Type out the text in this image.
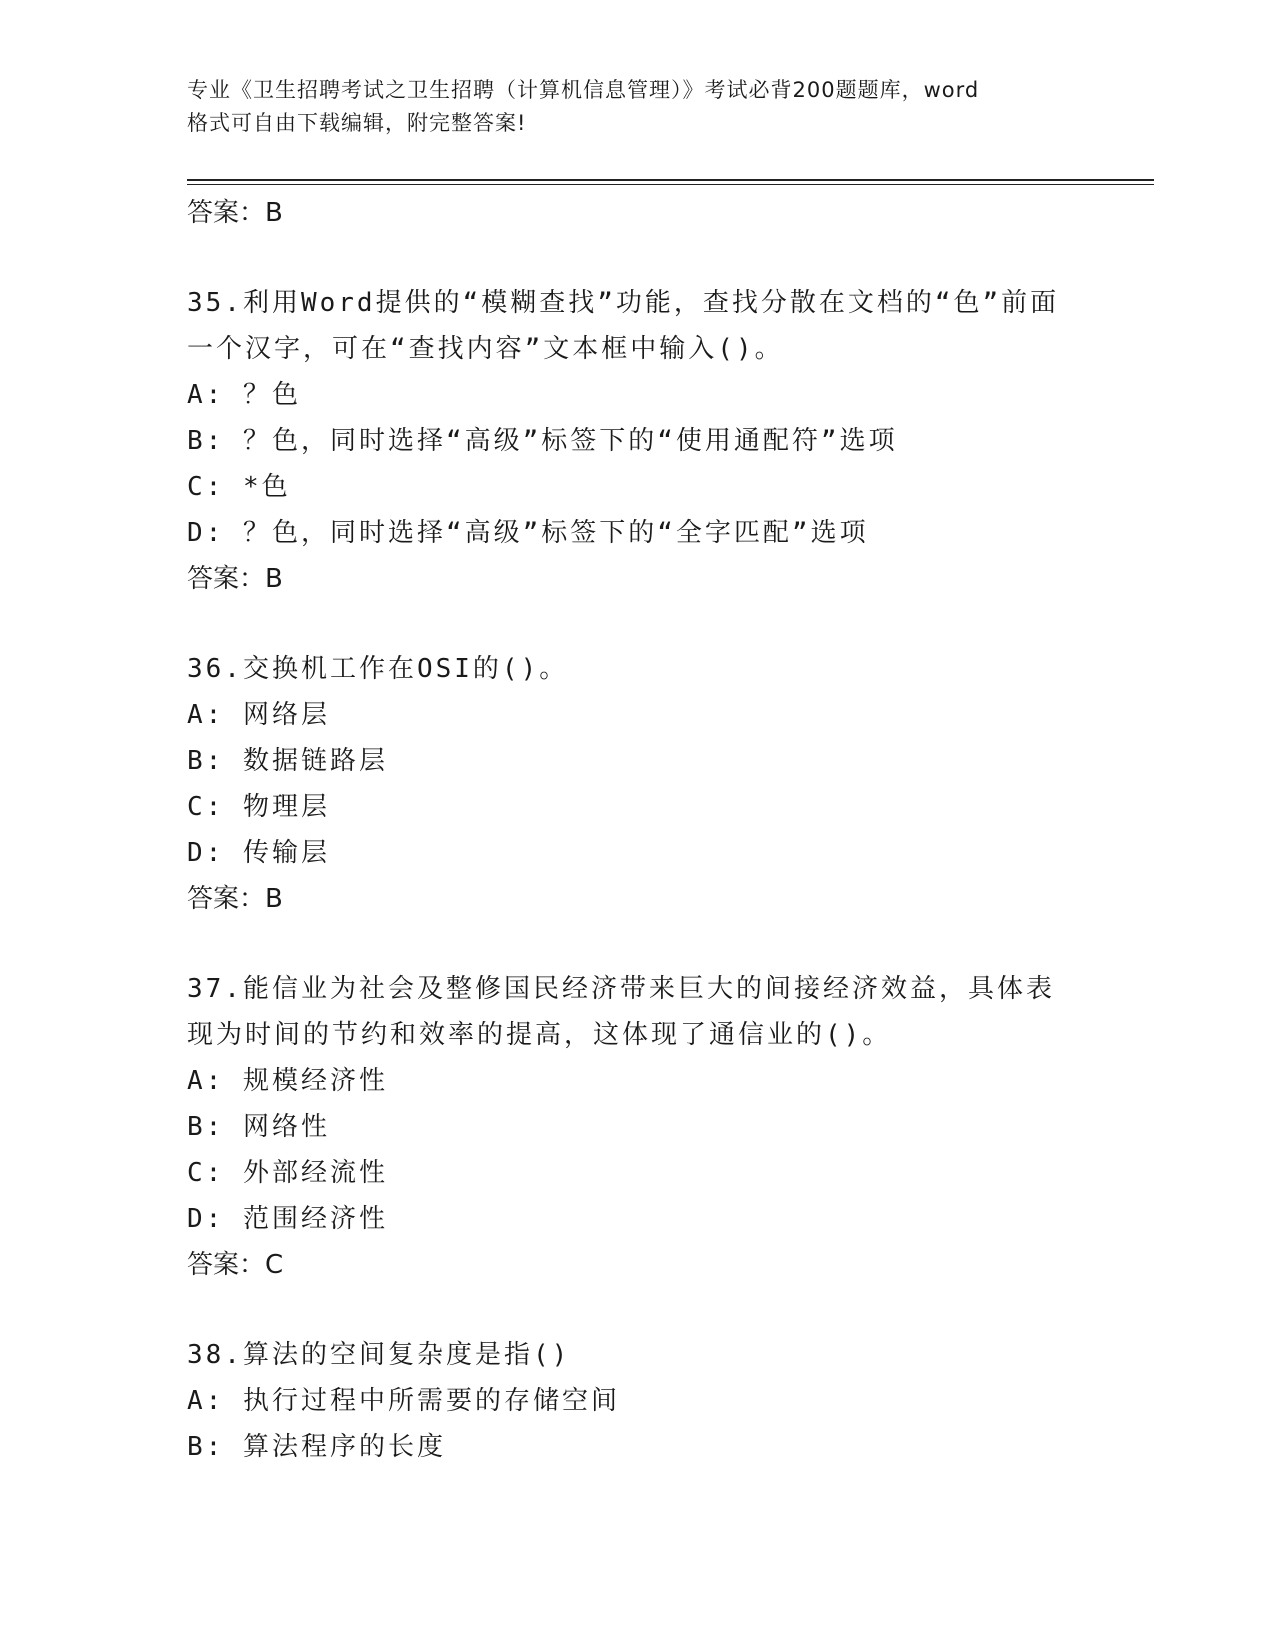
专业《卫生招聘考试之卫生招聘（计算机信息管理）》考试必背200题题库，word
格式可自由下载编辑，附完整答案!
答案：B
35.利用Word提供的“模糊查找”功能，查找分散在文档的“色”前面一个汉字，可在“查找内容”文本框中输入()。
A: ？色
B: ？色，同时选择“高级”标签下的“使用通配符”选项
C: *色
D: ？色，同时选择“高级”标签下的“全字匹配”选项
答案：B
36.交换机工作在OSI的()。
A: 网络层
B: 数据链路层
C: 物理层
D: 传输层
答案：B
37.能信业为社会及整修国民经济带来巨大的间接经济效益，具体表现为时间的节约和效率的提高，这体现了通信业的()。
A: 规模经济性
B: 网络性
C: 外部经流性
D: 范围经济性
答案：C
38.算法的空间复杂度是指()
A: 执行过程中所需要的存储空间
B: 算法程序的长度
